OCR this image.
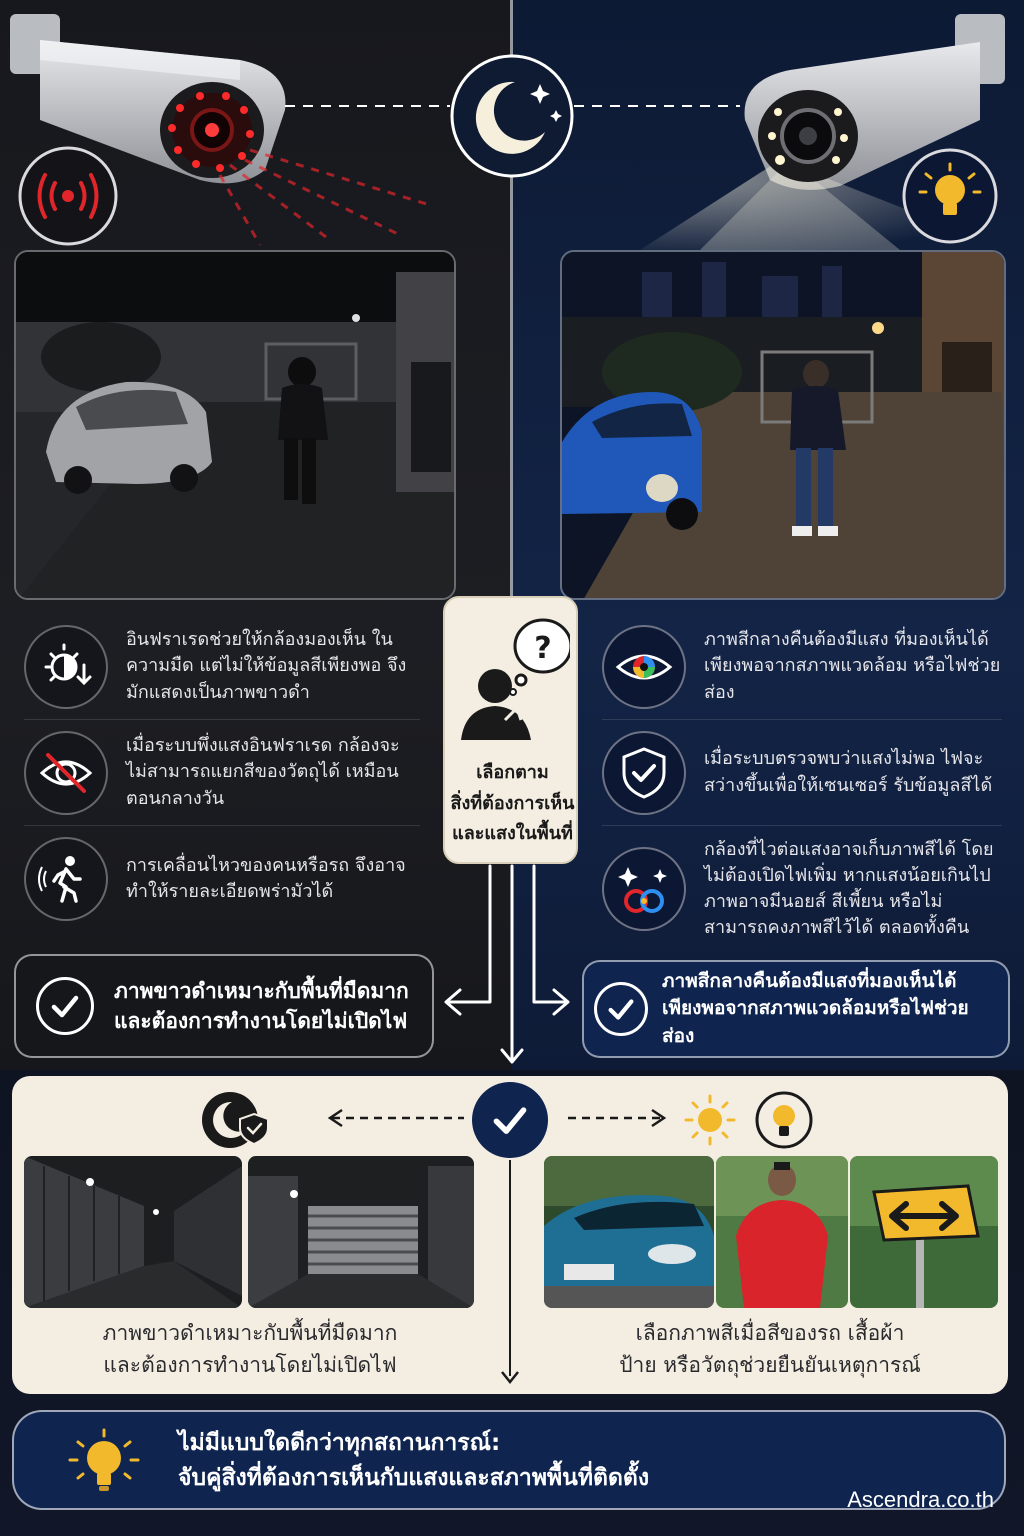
อินฟราเรดช่วยให้กล้องมองเห็น ในความมืด แต่ไม่ให้ข้อมูลสีเพียงพอ จึงมักแสดงเป็นภาพขาวดำ
เมื่อระบบพึ่งแสงอินฟราเรด กล้องจะไม่สามารถแยกสีของวัตถุได้ เหมือนตอนกลางวัน
การเคลื่อนไหวของคนหรือรถ จึงอาจทำให้รายละเอียดพร่ามัวได้
ภาพสีกลางคืนต้องมีแสง ที่มองเห็นได้เพียงพอจากสภาพแวดล้อม หรือไฟช่วยส่อง
เมื่อระบบตรวจพบว่าแสงไม่พอ ไฟจะสว่างขึ้นเพื่อให้เซนเซอร์ รับข้อมูลสีได้
กล้องที่ไวต่อแสงอาจเก็บภาพสีได้ โดยไม่ต้องเปิดไฟเพิ่ม หากแสงน้อยเกินไป ภาพอาจมีนอยส์ สีเพี้ยน หรือไม่สามารถคงภาพสีไว้ได้ ตลอดทั้งคืน
?
เลือกตาม
สิ่งที่ต้องการเห็น
และแสงในพื้นที่
ภาพขาวดำเหมาะกับพื้นที่มืดมาก
และต้องการทำงานโดยไม่เปิดไฟ
ภาพสีกลางคืนต้องมีแสงที่มองเห็นได้
เพียงพอจากสภาพแวดล้อมหรือไฟช่วยส่อง
ภาพขาวดำเหมาะกับพื้นที่มืดมาก
และต้องการทำงานโดยไม่เปิดไฟ
เลือกภาพสีเมื่อสีของรถ เสื้อผ้า
ป้าย หรือวัตถุช่วยยืนยันเหตุการณ์
ไม่มีแบบใดดีกว่าทุกสถานการณ์:
จับคู่สิ่งที่ต้องการเห็นกับแสงและสภาพพื้นที่ติดตั้ง
Ascendra.co.th
